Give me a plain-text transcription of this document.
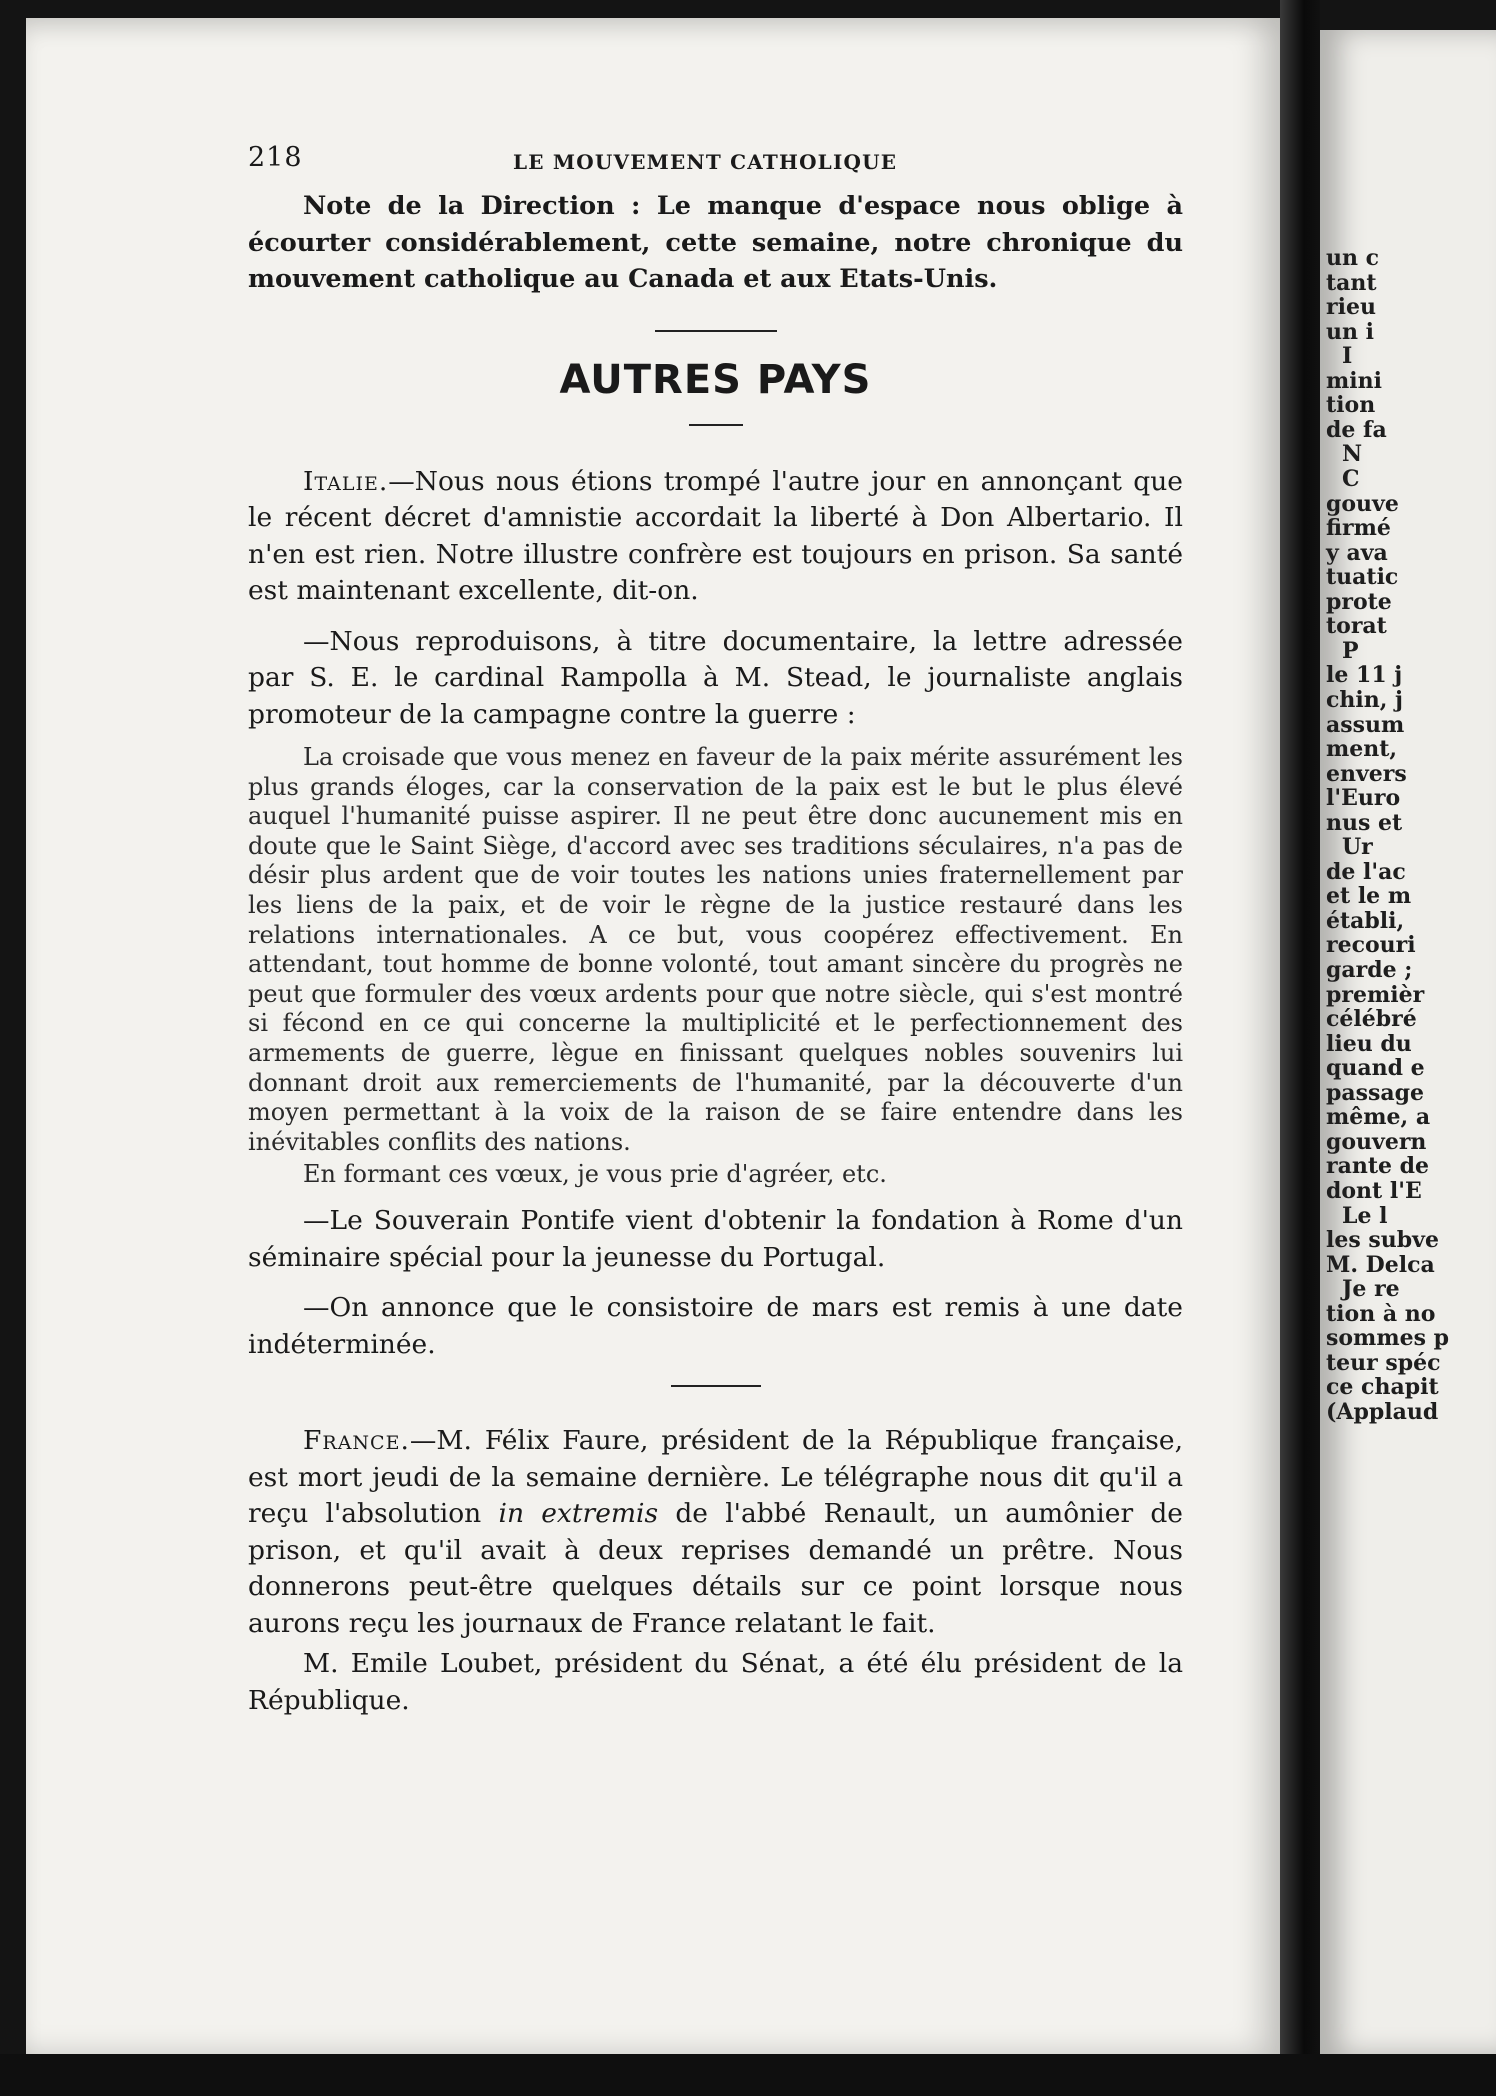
un c
tant
rieu
un i
I
mini
tion
de fa
N
C
gouve
firmé
y ava
tuatic
prote
torat
P
le 11 j
chin, j
assum
ment,
envers
l'Euro
nus et
Ur
de l'ac
et le m
établi,
recouri
garde ;
premièr
célébré
lieu du
quand e
passage
même, a
gouvern
rante de
dont l'E
Le l
les subve
M. Delca
Je re
tion à no
sommes p
teur spéc
ce chapit
(Applaud
218	LE MOUVEMENT CATHOLIQUE

Note de la Direction : Le manque d'espace nous oblige à écourter considérablement, cette semaine, notre chronique du mouvement catholique au Canada et aux Etats-Unis.

AUTRES PAYS

Italie.—Nous nous étions trompé l'autre jour en annonçant que le récent décret d'amnistie accordait la liberté à Don Albertario. Il n'en est rien. Notre illustre confrère est toujours en prison. Sa santé est maintenant excellente, dit-on.

—Nous reproduisons, à titre documentaire, la lettre adressée par S. E. le cardinal Rampolla à M. Stead, le journaliste anglais promoteur de la campagne contre la guerre :

La croisade que vous menez en faveur de la paix mérite assurément les plus grands éloges, car la conservation de la paix est le but le plus élevé auquel l'humanité puisse aspirer. Il ne peut être donc aucunement mis en doute que le Saint Siège, d'accord avec ses traditions séculaires, n'a pas de désir plus ardent que de voir toutes les nations unies fraternellement par les liens de la paix, et de voir le règne de la justice restauré dans les relations internationales. A ce but, vous coopérez effectivement. En attendant, tout homme de bonne volonté, tout amant sincère du progrès ne peut que formuler des vœux ardents pour que notre siècle, qui s'est montré si fécond en ce qui concerne la multiplicité et le perfectionnement des armements de guerre, lègue en finissant quelques nobles souvenirs lui donnant droit aux remerciements de l'humanité, par la découverte d'un moyen permettant à la voix de la raison de se faire entendre dans les inévitables conflits des nations.

En formant ces vœux, je vous prie d'agréer, etc.

—Le Souverain Pontife vient d'obtenir la fondation à Rome d'un séminaire spécial pour la jeunesse du Portugal.

—On annonce que le consistoire de mars est remis à une date indéterminée.

France.—M. Félix Faure, président de la République française, est mort jeudi de la semaine dernière. Le télégraphe nous dit qu'il a reçu l'absolution in extremis de l'abbé Renault, un aumônier de prison, et qu'il avait à deux reprises demandé un prêtre. Nous donnerons peut-être quelques détails sur ce point lorsque nous aurons reçu les journaux de France relatant le fait.

M. Emile Loubet, président du Sénat, a été élu président de la République.
